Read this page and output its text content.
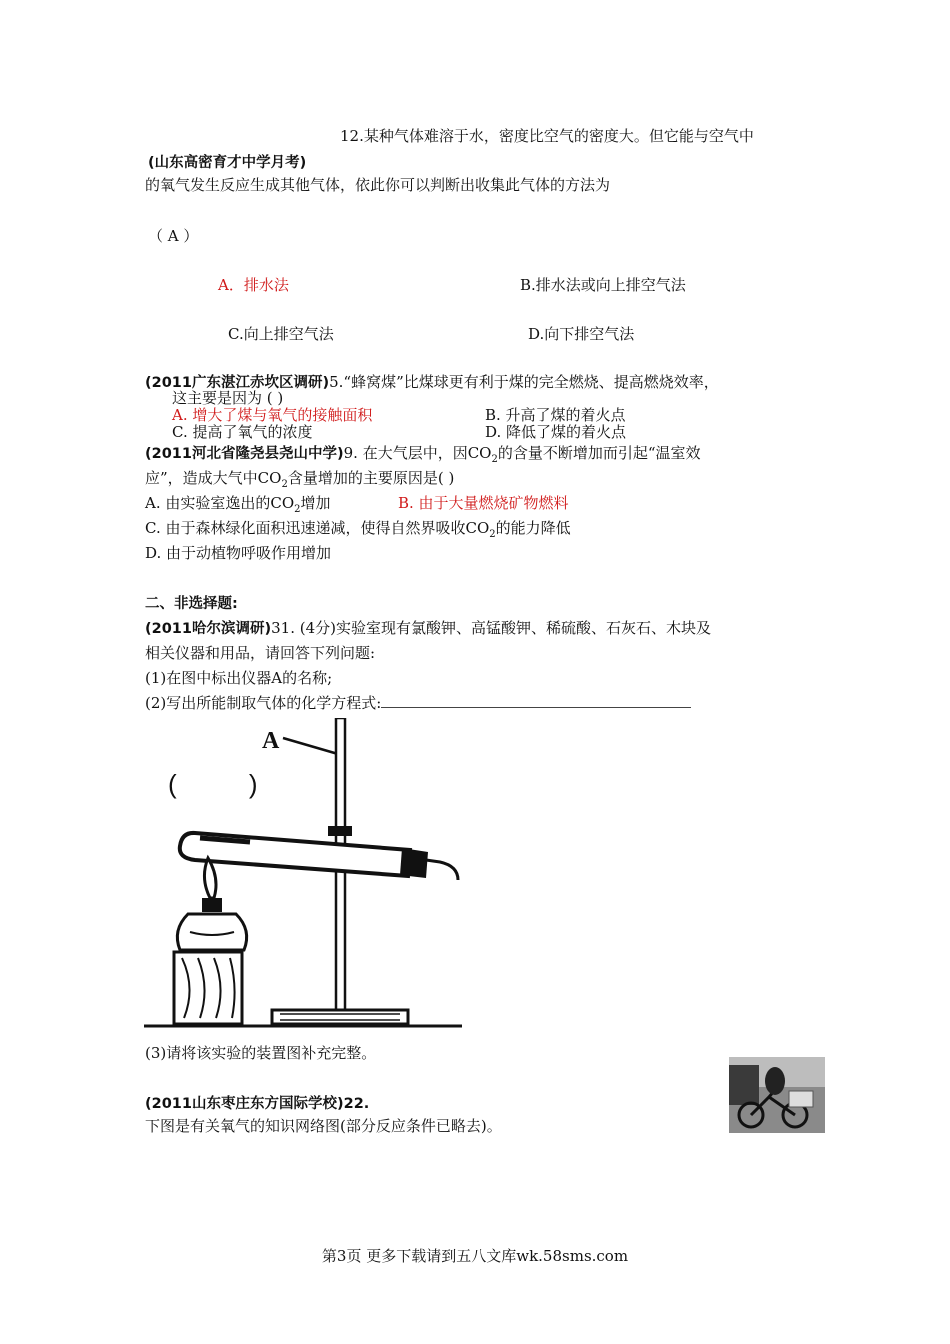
12.某种气体难溶于水，密度比空气的密度大。但它能与空气中
(山东高密育才中学月考)
的氧气发生反应生成其他气体，依此你可以判断出收集此气体的方法为
（ A ）
A．排水法	B.排水法或向上排空气法
C.向上排空气法	D.向下排空气法
(2011广东湛江赤坎区调研)5.“蜂窝煤”比煤球更有利于煤的完全燃烧、提高燃烧效率，
这主要是因为 ( )
A. 增大了煤与氧气的接触面积	B. 升高了煤的着火点
C. 提高了氧气的浓度	D. 降低了煤的着火点
(2011河北省隆尧县尧山中学)9. 在大气层中，因$CO_2$的含量不断增加而引起“温室效
应”，造成大气中$CO_2$含量增加的主要原因是( )
A. 由实验室逸出的$CO_2$增加	B. 由于大量燃烧矿物燃料
C. 由于森林绿化面积迅速递减，使得自然界吸收$CO_2$的能力降低
D. 由于动植物呼吸作用增加
二、非选择题:
(2011哈尔滨调研)31. (4分)实验室现有氯酸钾、高锰酸钾、稀硫酸、石灰石、木块及
相关仪器和用品，请回答下列问题:
(1)在图中标出仪器A的名称;
(2)写出所能制取气体的化学方程式:
A
(          )
(3)请将该实验的装置图补充完整。
(2011山东枣庄东方国际学校)22.
下图是有关氧气的知识网络图(部分反应条件已略去)。
第3页 更多下载请到五八文库wk.58sms.com
